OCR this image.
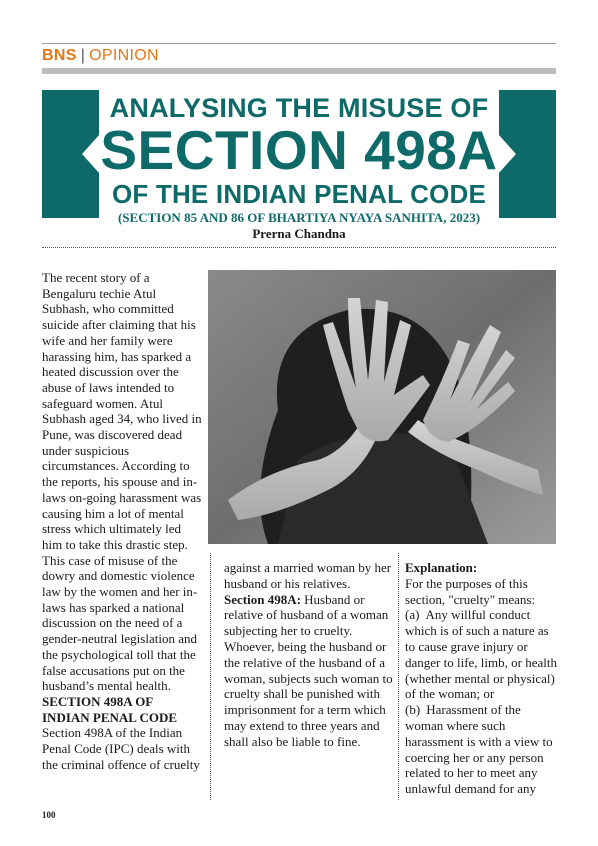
BNS | OPINION
ANALYSING THE MISUSE OF
SECTION 498A
OF THE INDIAN PENAL CODE
(SECTION 85 AND 86 OF BHARTIYA NYAYA SANHITA, 2023)
Prerna Chandna

The recent story of a Bengaluru techie Atul Subhash, who committed suicide after claiming that his wife and her family were harassing him, has sparked a heated discussion over the abuse of laws intended to safeguard women. Atul Subhash aged 34, who lived in Pune, was discovered dead under suspicious circumstances. According to the reports, his spouse and in-laws on-going harassment was causing him a lot of mental stress which ultimately led him to take this drastic step. This case of misuse of the dowry and domestic violence law by the women and her in-laws has sparked a national discussion on the need of a gender-neutral legislation and the psychological toll that the false accusations put on the husband’s mental health.

SECTION 498A OF INDIAN PENAL CODE

Section 498A of the Indian Penal Code (IPC) deals with the criminal offence of cruelty

against a married woman by her husband or his relatives.

Section 498A: Husband or relative of husband of a woman subjecting her to cruelty. Whoever, being the husband or the relative of the husband of a woman, subjects such woman to cruelty shall be punished with imprisonment for a term which may extend to three years and shall also be liable to fine.

Explanation:

For the purposes of this section, "cruelty" means:

(a) Any willful conduct which is of such a nature as to cause grave injury or danger to life, limb, or health (whether mental or physical) of the woman; or

(b) Harassment of the woman where such harassment is with a view to coercing her or any person related to her to meet any unlawful demand for any

100
